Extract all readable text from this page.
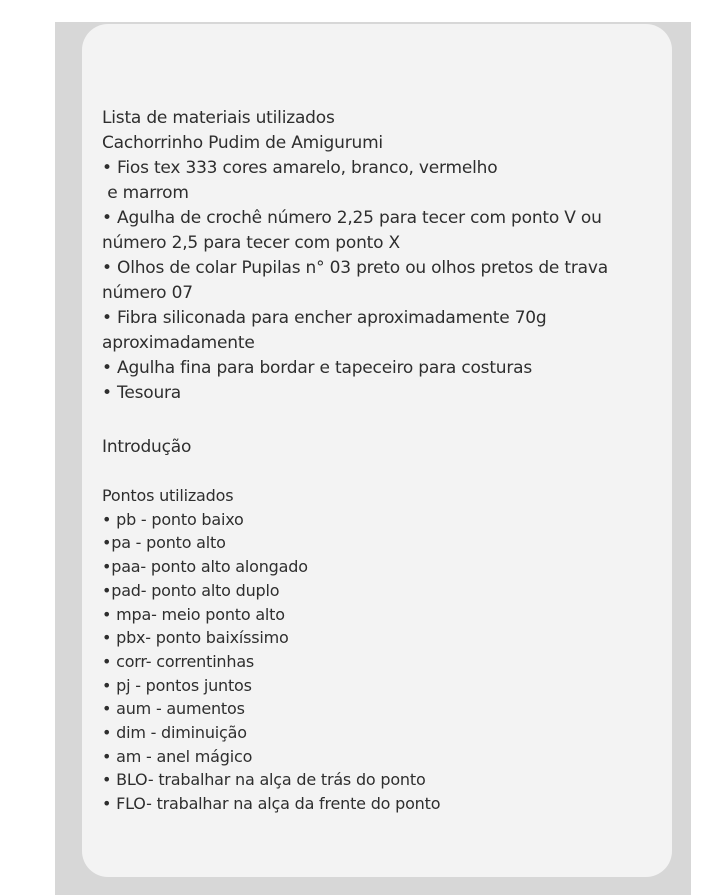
Lista de materiais utilizados
Cachorrinho Pudim de Amigurumi
• Fios tex 333 cores amarelo, branco, vermelho
e marrom
• Agulha de crochê número 2,25 para tecer com ponto V ou
número 2,5 para tecer com ponto X
• Olhos de colar Pupilas n° 03 preto ou olhos pretos de trava
número 07
• Fibra siliconada para encher aproximadamente 70g
aproximadamente
• Agulha fina para bordar e tapeceiro para costuras
• Tesoura
Introdução
Pontos utilizados
• pb - ponto baixo
•pa - ponto alto
•paa- ponto alto alongado
•pad- ponto alto duplo
• mpa- meio ponto alto
• pbx- ponto baixíssimo
• corr- correntinhas
• pj - pontos juntos
• aum - aumentos
• dim - diminuição
• am - anel mágico
• BLO- trabalhar na alça de trás do ponto
• FLO- trabalhar na alça da frente do ponto
